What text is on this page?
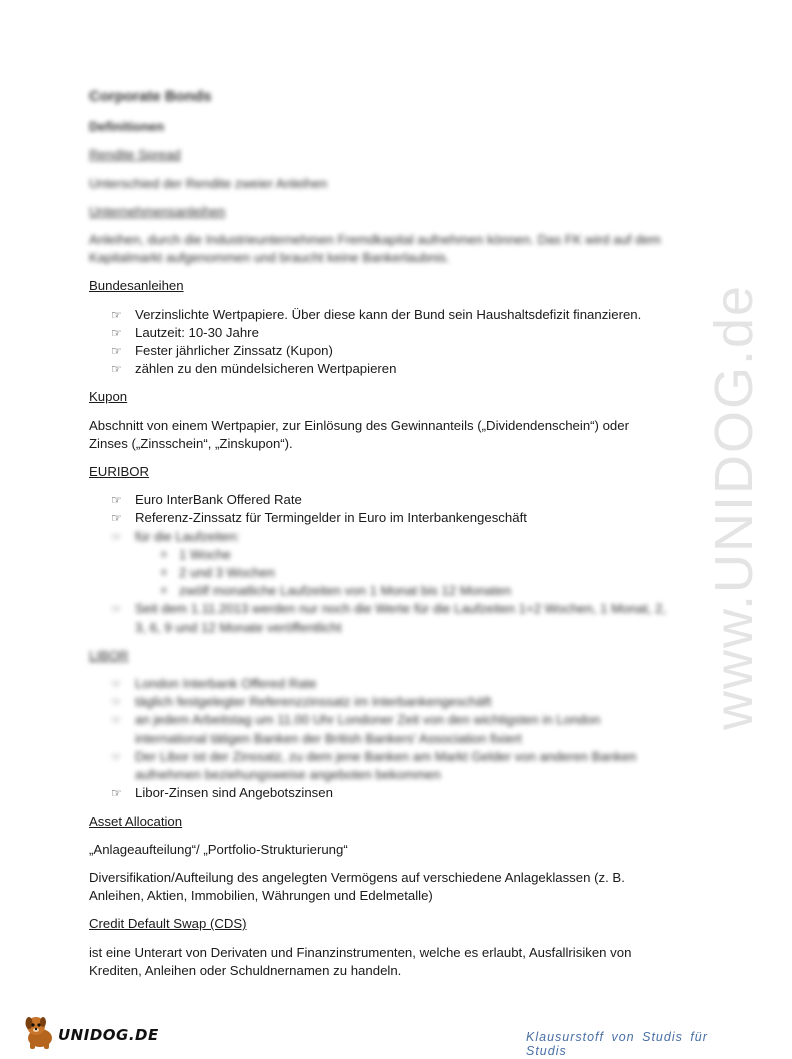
www.UNIDOG.de
Corporate Bonds
Definitionen
Rendite Spread
Unterschied der Rendite zweier Anleihen
Unternehmensanleihen
Anleihen, durch die Industrieunternehmen Fremdkapital aufnehmen können. Das FK wird auf dem Kapitalmarkt aufgenommen und braucht keine Bankerlaubnis.
Bundesanleihen
☞ Verzinslichte Wertpapiere. Über diese kann der Bund sein Haushaltsdefizit finanzieren.
☞ Lautzeit: 10-30 Jahre
☞ Fester jährlicher Zinssatz (Kupon)
☞ zählen zu den mündelsicheren Wertpapieren
Kupon
Abschnitt von einem Wertpapier, zur Einlösung des Gewinnanteils („Dividendenschein“) oder Zinses („Zinsschein“, „Zinskupon“).
EURIBOR
☞ Euro InterBank Offered Rate
☞ Referenz-Zinssatz für Termingelder in Euro im Interbankengeschäft
☞ für die Laufzeiten:
o 1 Woche
o 2 und 3 Wochen
o zwölf monatliche Laufzeiten von 1 Monat bis 12 Monaten
☞ Seit dem 1.11.2013 werden nur noch die Werte für die Laufzeiten 1+2 Wochen, 1 Monat, 2, 3, 6, 9 und 12 Monate veröffentlicht
LIBOR
☞ London Interbank Offered Rate
☞ täglich festgelegter Referenzzinssatz im Interbankengeschäft
☞ an jedem Arbeitstag um 11.00 Uhr Londoner Zeit von den wichtigsten in London international tätigen Banken der British Bankers' Association fixiert
☞ Der Libor ist der Zinssatz, zu dem jene Banken am Markt Gelder von anderen Banken aufnehmen beziehungsweise angeboten bekommen
☞ Libor-Zinsen sind Angebotszinsen
Asset Allocation
„Anlageaufteilung“/ „Portfolio-Strukturierung“
Diversifikation/Aufteilung des angelegten Vermögens auf verschiedene Anlageklassen (z. B. Anleihen, Aktien, Immobilien, Währungen und Edelmetalle)
Credit Default Swap (CDS)
ist eine Unterart von Derivaten und Finanzinstrumenten, welche es erlaubt, Ausfallrisiken von Krediten, Anleihen oder Schuldnernamen zu handeln.
UNIDOG.DE	Klausurstoff von Studis für Studis
